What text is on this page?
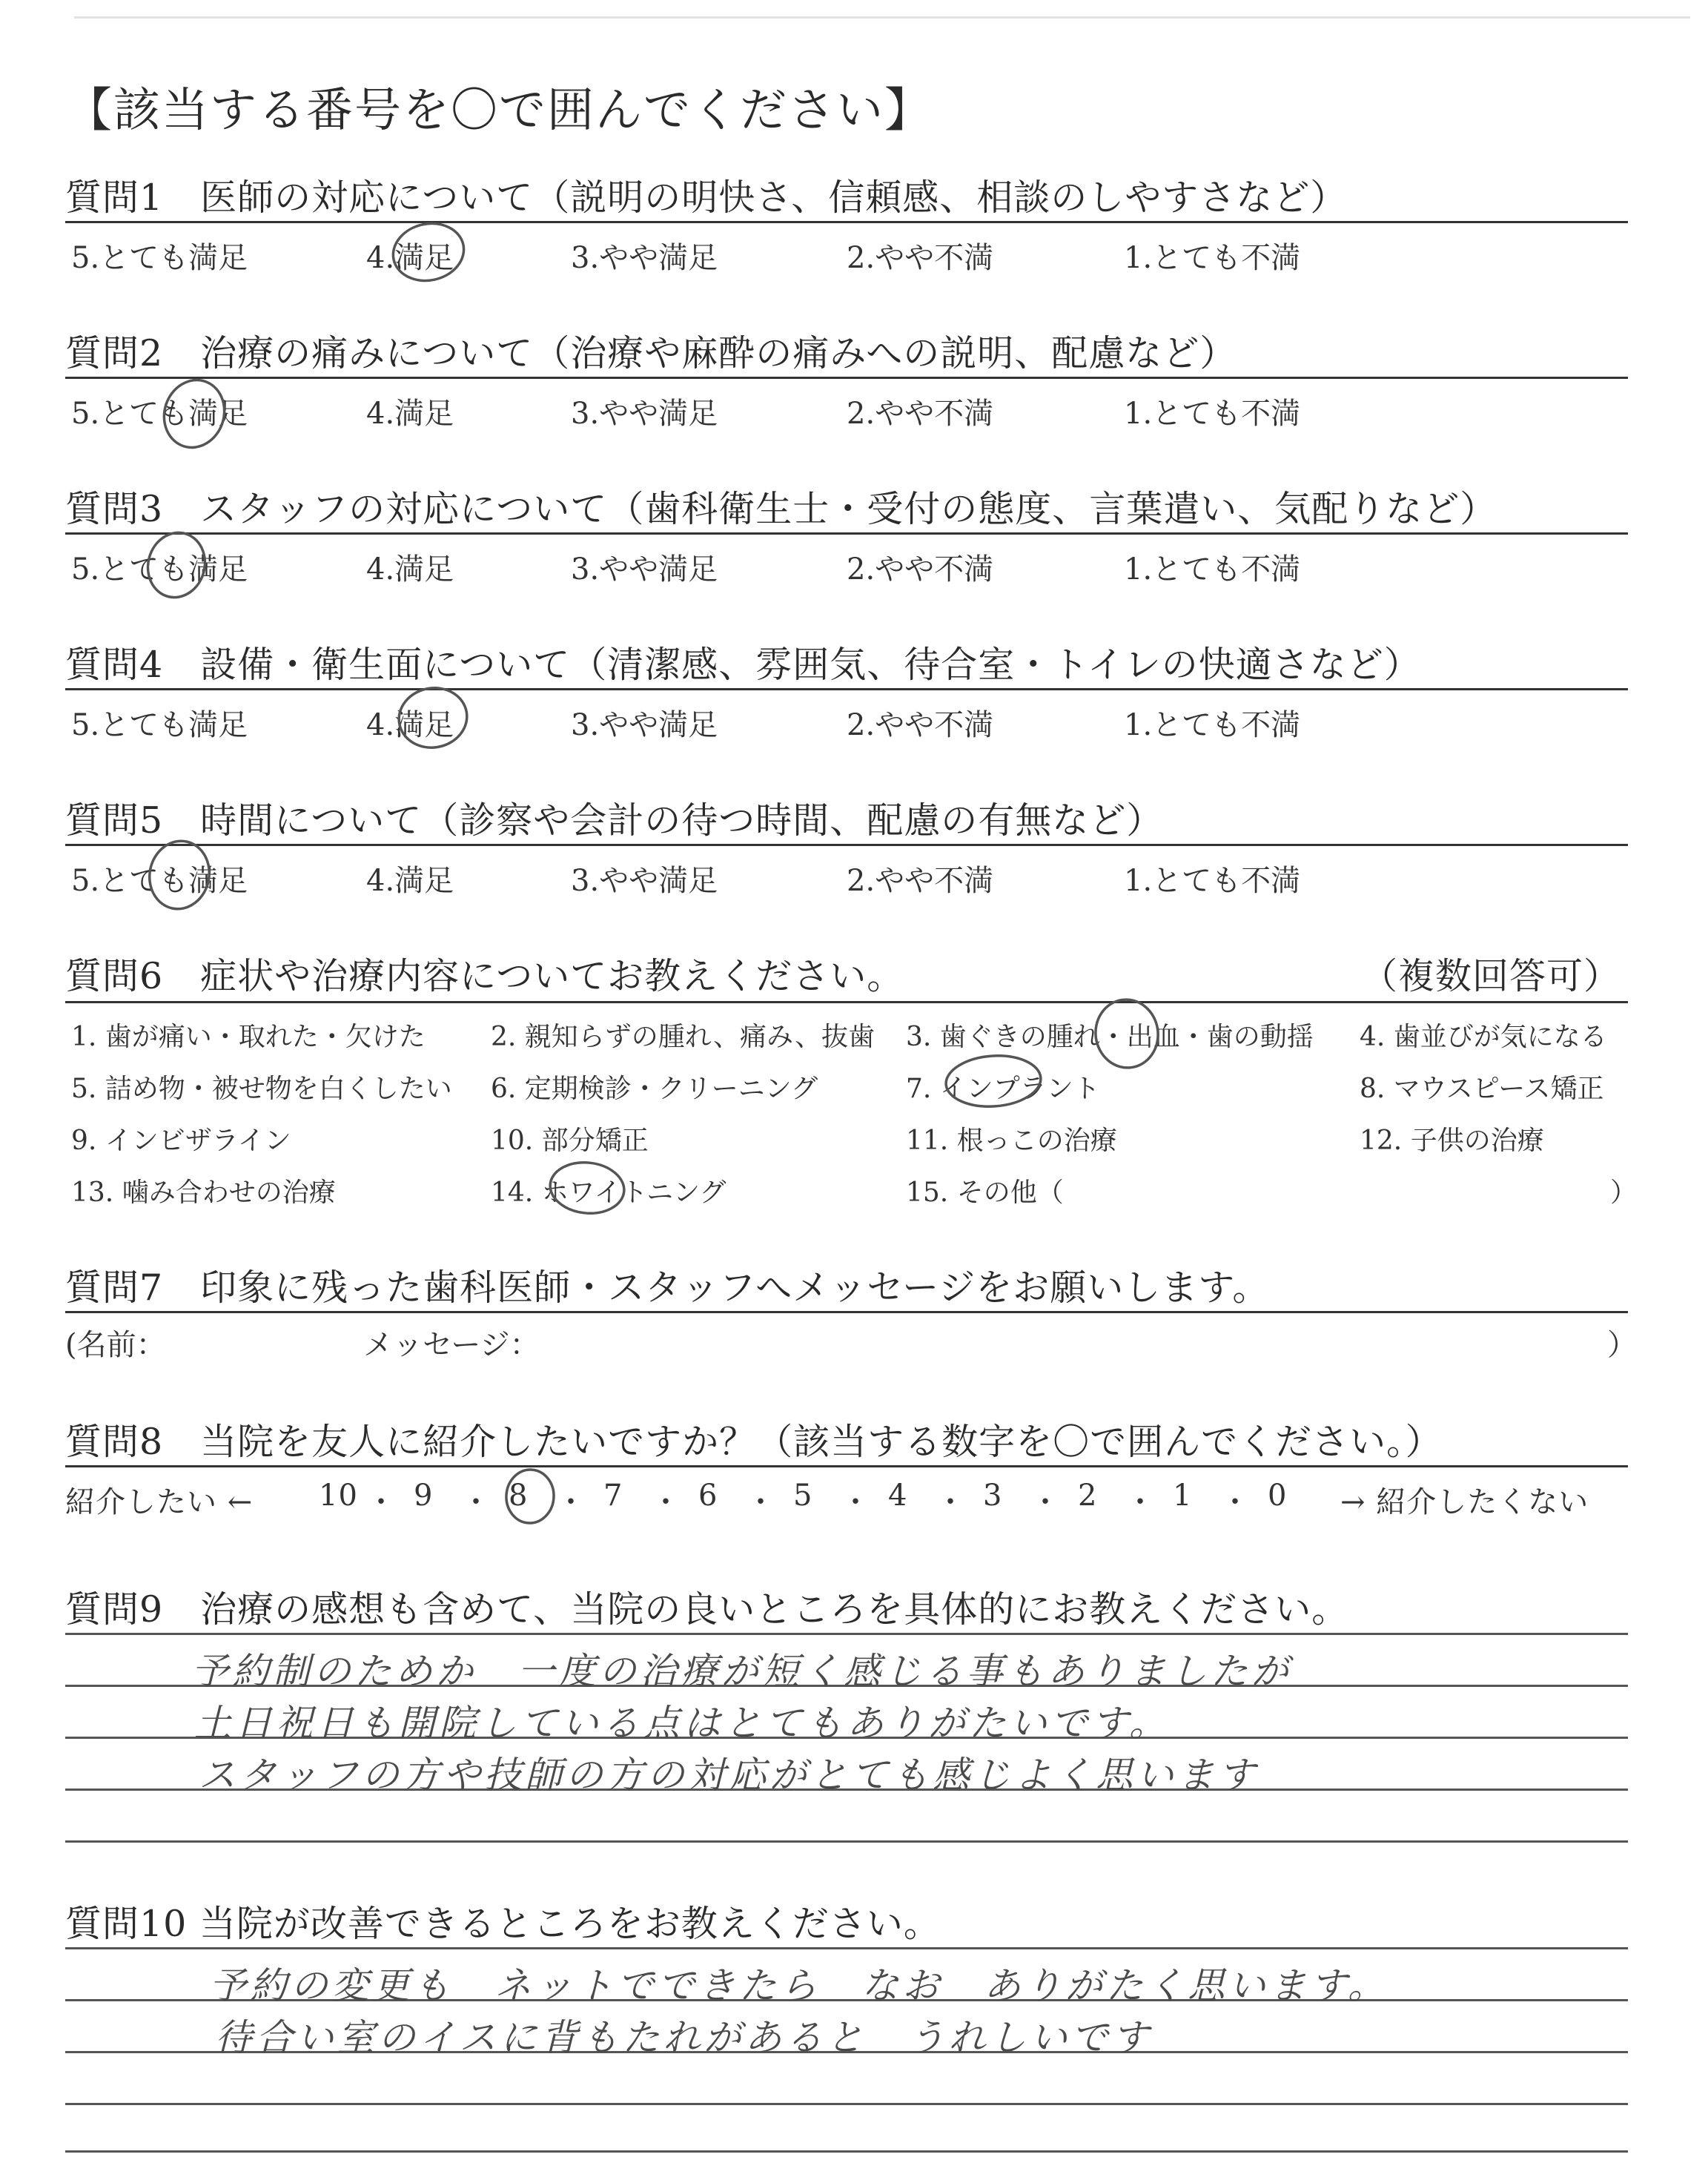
【該当する番号を〇で囲んでください】
質問1　医師の対応について（説明の明快さ、信頼感、相談のしやすさなど）
5.とても満足	4.満足	3.やや満足	2.やや不満	1.とても不満
質問2　治療の痛みについて（治療や麻酔の痛みへの説明、配慮など）
5.とても満足	4.満足	3.やや満足	2.やや不満	1.とても不満
質問3　スタッフの対応について（歯科衛生士・受付の態度、言葉遣い、気配りなど）
5.とても満足	4.満足	3.やや満足	2.やや不満	1.とても不満
質問4　設備・衛生面について（清潔感、雰囲気、待合室・トイレの快適さなど）
5.とても満足	4.満足	3.やや満足	2.やや不満	1.とても不満
質問5　時間について（診察や会計の待つ時間、配慮の有無など）
5.とても満足	4.満足	3.やや満足	2.やや不満	1.とても不満
質問6　症状や治療内容についてお教えください。	（複数回答可）
1. 歯が痛い・取れた・欠けた 2. 親知らずの腫れ、痛み、抜歯 3. 歯ぐきの腫れ・出血・歯の動揺 4. 歯並びが気になる
5. 詰め物・被せ物を白くしたい 6. 定期検診・クリーニング	7. インプラント	8. マウスピース矯正
9. インビザライン	10. 部分矯正	11. 根っこの治療	12. 子供の治療
13. 噛み合わせの治療	14. ホワイトニング	15. その他（	）
質問7　印象に残った歯科医師・スタッフへメッセージをお願いします。
(名前：	メッセージ：	）
質問8　当院を友人に紹介したいですか？（該当する数字を〇で囲んでください。）
紹介したい ← 10 ・ 9 ・ 8 ・ 7 ・ 6 ・ 5 ・ 4 ・ 3 ・ 2 ・ 1 ・ 0 → 紹介したくない
質問9　治療の感想も含めて、当院の良いところを具体的にお教えください。
予約制のためか　一度の治療が短く感じる事もありましたが
土日祝日も開院している点はとてもありがたいです。
スタッフの方や技師の方の対応がとても感じよく思います
質問10 当院が改善できるところをお教えください。
予約の変更も　ネットでできたら　なお　ありがたく思います。
待合い室のイスに背もたれがあると　うれしいです
